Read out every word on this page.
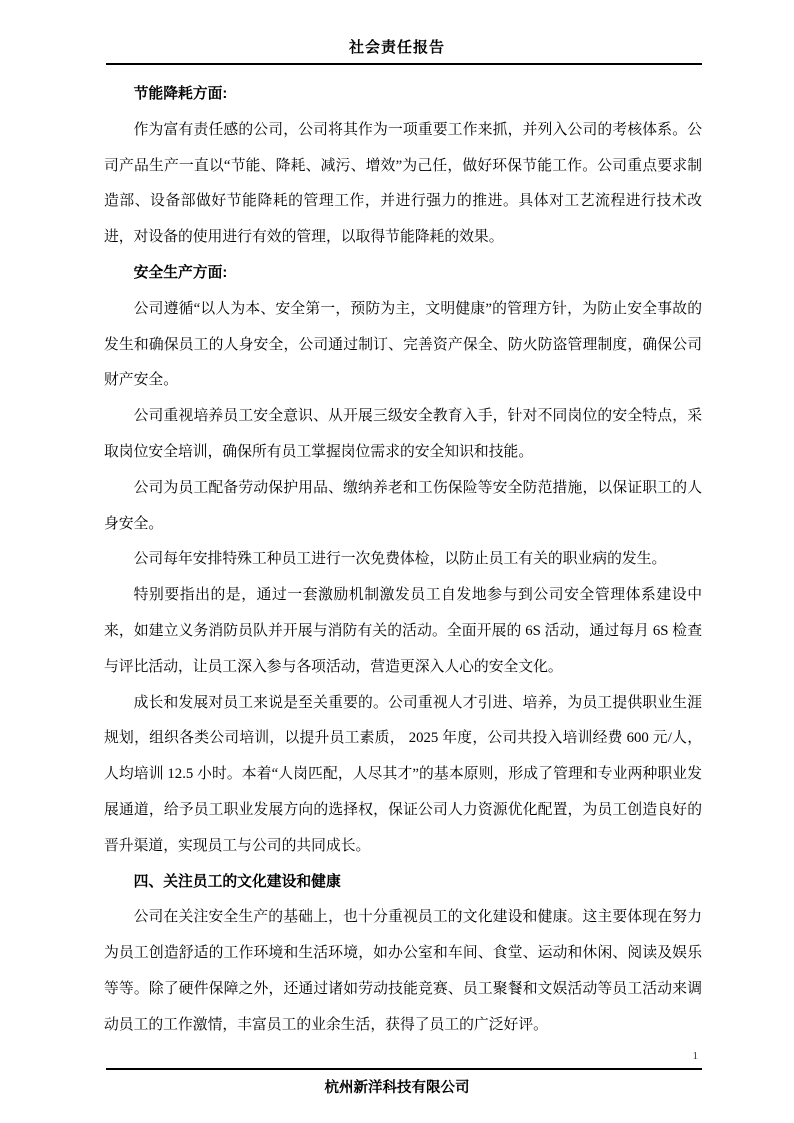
社会责任报告

节能降耗方面:

作为富有责任感的公司，公司将其作为一项重要工作来抓，并列入公司的考核体系。公司产品生产一直以“节能、降耗、减污、增效”为己任，做好环保节能工作。公司重点要求制造部、设备部做好节能降耗的管理工作，并进行强力的推进。具体对工艺流程进行技术改进，对设备的使用进行有效的管理，以取得节能降耗的效果。

安全生产方面:

公司遵循“以人为本、安全第一，预防为主，文明健康”的管理方针，为防止安全事故的发生和确保员工的人身安全，公司通过制订、完善资产保全、防火防盗管理制度，确保公司财产安全。

公司重视培养员工安全意识、从开展三级安全教育入手，针对不同岗位的安全特点，采取岗位安全培训，确保所有员工掌握岗位需求的安全知识和技能。

公司为员工配备劳动保护用品、缴纳养老和工伤保险等安全防范措施，以保证职工的人身安全。

公司每年安排特殊工种员工进行一次免费体检，以防止员工有关的职业病的发生。

特别要指出的是，通过一套激励机制激发员工自发地参与到公司安全管理体系建设中来，如建立义务消防员队并开展与消防有关的活动。全面开展的 6S 活动，通过每月 6S 检查与评比活动，让员工深入参与各项活动，营造更深入人心的安全文化。

成长和发展对员工来说是至关重要的。公司重视人才引进、培养，为员工提供职业生涯规划，组织各类公司培训，以提升员工素质， 2025 年度，公司共投入培训经费 600 元/人，人均培训 12.5 小时。本着“人岗匹配，人尽其才”的基本原则，形成了管理和专业两种职业发展通道，给予员工职业发展方向的选择权，保证公司人力资源优化配置，为员工创造良好的晋升渠道，实现员工与公司的共同成长。

四、关注员工的文化建设和健康

公司在关注安全生产的基础上，也十分重视员工的文化建设和健康。这主要体现在努力为员工创造舒适的工作环境和生活环境，如办公室和车间、食堂、运动和休闲、阅读及娱乐等等。除了硬件保障之外，还通过诸如劳动技能竞赛、员工聚餐和文娱活动等员工活动来调动员工的工作激情，丰富员工的业余生活，获得了员工的广泛好评。

1
杭州新洋科技有限公司
